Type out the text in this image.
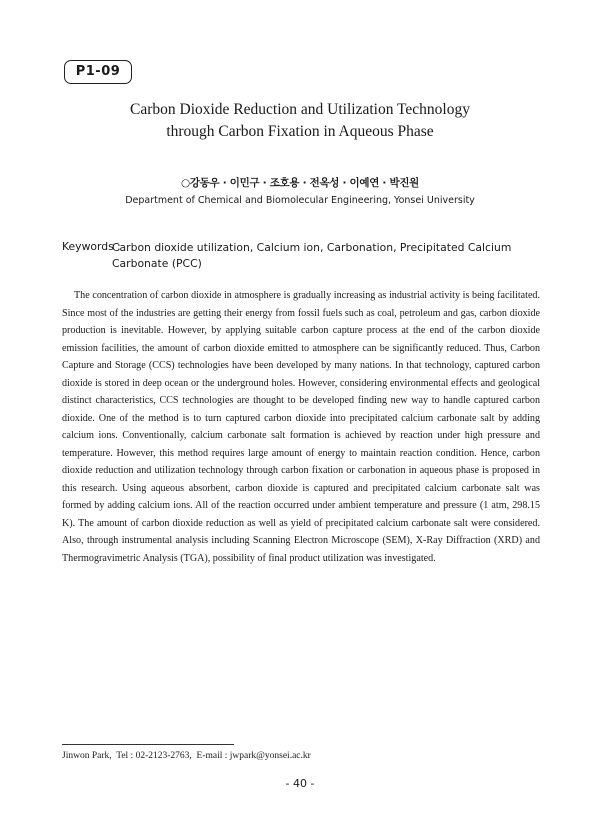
P1-09
Carbon Dioxide Reduction and Utilization Technology
through Carbon Fixation in Aqueous Phase
○강동우 · 이민구 · 조호용 · 전옥성 · 이예연 · 박진원
Department of Chemical and Biomolecular Engineering, Yonsei University
Keywords :
Carbon dioxide utilization, Calcium ion, Carbonation, Precipitated Calcium Carbonate (PCC)

The concentration of carbon dioxide in atmosphere is gradually increasing as industrial activity is being facilitated. Since most of the industries are getting their energy from fossil fuels such as coal, petroleum and gas, carbon dioxide production is inevitable. However, by applying suitable carbon capture process at the end of the carbon dioxide emission facilities, the amount of carbon dioxide emitted to atmosphere can be significantly reduced. Thus, Carbon Capture and Storage (CCS) technologies have been developed by many nations. In that technology, captured carbon dioxide is stored in deep ocean or the underground holes. However, considering environmental effects and geological distinct characteristics, CCS technologies are thought to be developed finding new way to handle captured carbon dioxide. One of the method is to turn captured carbon dioxide into precipitated calcium carbonate salt by adding calcium ions. Conventionally, calcium carbonate salt formation is achieved by reaction under high pressure and temperature. However, this method requires large amount of energy to maintain reaction condition. Hence, carbon dioxide reduction and utilization technology through carbon fixation or carbonation in aqueous phase is proposed in this research. Using aqueous absorbent, carbon dioxide is captured and precipitated calcium carbonate salt was formed by adding calcium ions. All of the reaction occurred under ambient temperature and pressure (1 atm, 298.15 K). The amount of carbon dioxide reduction as well as yield of precipitated calcium carbonate salt were considered. Also, through instrumental analysis including Scanning Electron Microscope (SEM), X-Ray Diffraction (XRD) and Thermogravimetric Analysis (TGA), possibility of final product utilization was investigated.

Jinwon Park,  Tel : 02-2123-2763,  E-mail : jwpark@yonsei.ac.kr
- 40 -
